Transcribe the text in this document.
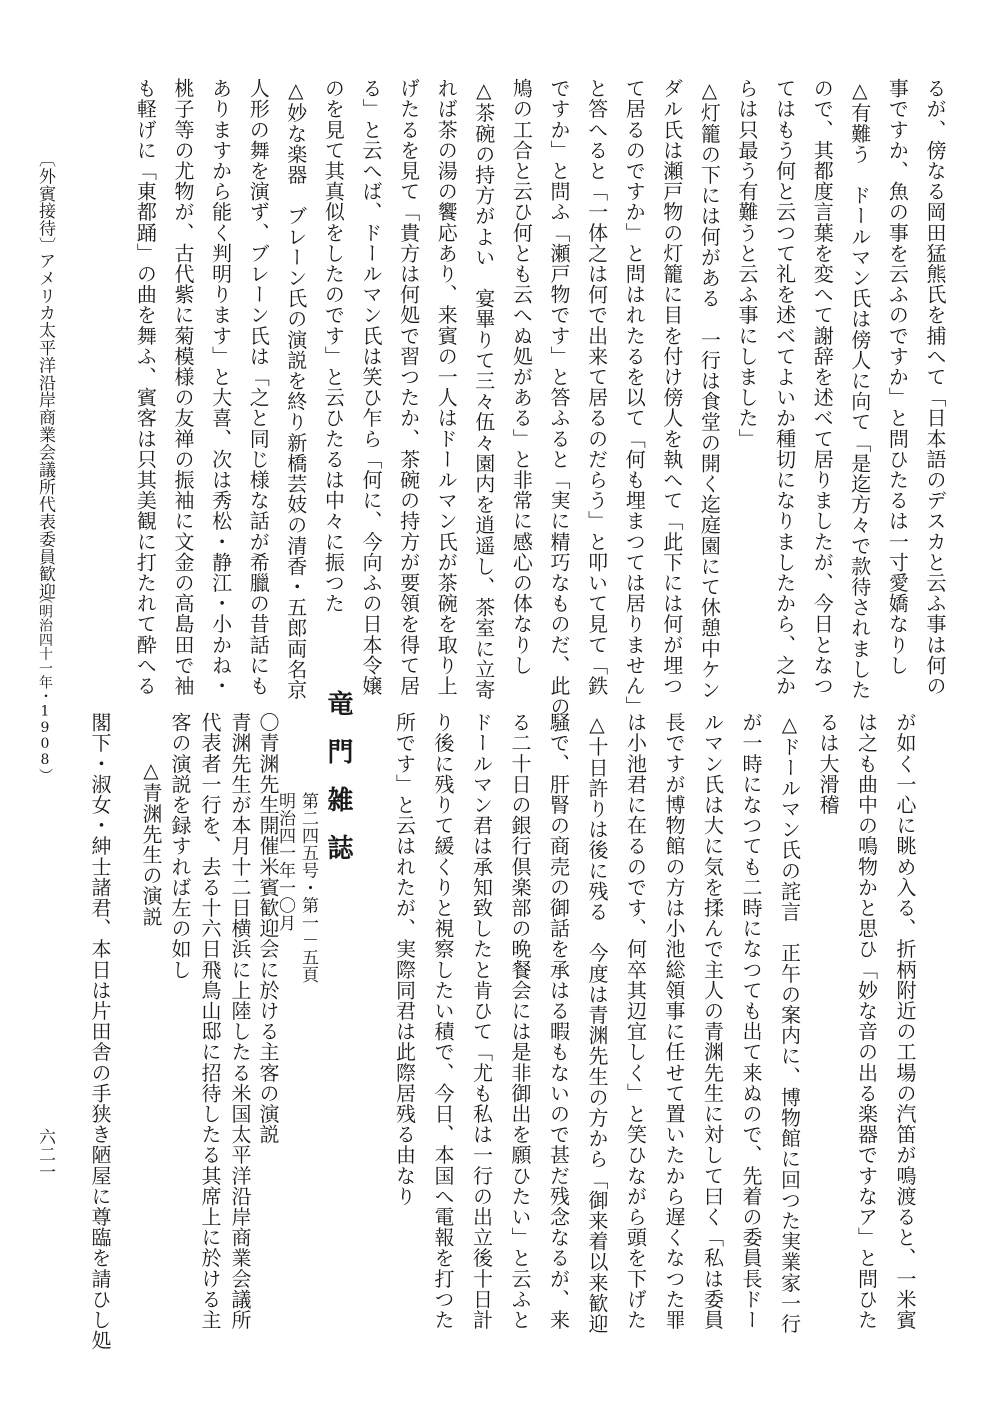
るが、傍なる岡田猛熊氏を捕へて「日本語のデスカと云ふ事は何の
事ですか、魚の事を云ふのですか」と問ひたるは一寸愛嬌なりし
△有難う　ドールマン氏は傍人に向て「是迄方々で款待されました
ので、其都度言葉を変へて謝辞を述べて居りましたが、今日となつ
てはもう何と云つて礼を述べてよいか種切になりましたから、之か
らは只最う有難うと云ふ事にしました」
△灯籠の下には何がある　一行は食堂の開く迄庭園にて休憩中ケン
ダル氏は瀬戸物の灯籠に目を付け傍人を執へて「此下には何が埋つ
て居るのですか」と問はれたるを以て「何も埋まつては居りません」
と答へると「一体之は何で出来て居るのだらう」と叩いて見て「鉄
ですか」と問ふ「瀬戸物です」と答ふると「実に精巧なものだ、此の
鳩の工合と云ひ何とも云へぬ処がある」と非常に感心の体なりし
△茶碗の持方がよい　宴畢りて三々伍々園内を逍遥し、茶室に立寄
れば茶の湯の饗応あり、来賓の一人はドールマン氏が茶碗を取り上
げたるを見て「貴方は何処で習つたか、茶碗の持方が要領を得て居
る」と云へば、ドールマン氏は笑ひ乍ら「何に、今向ふの日本令嬢
のを見て其真似をしたのです」と云ひたるは中々に振つた
△妙な楽器　ブレーン氏の演説を終り新橋芸妓の清香・五郎両名京
人形の舞を演ず、ブレーン氏は「之と同じ様な話が希臘の昔話にも
ありますから能く判明ります」と大喜、次は秀松・静江・小かね・
桃子等の尤物が、古代紫に菊模様の友禅の振袖に文金の高島田で袖
も軽げに「東都踊」の曲を舞ふ、賓客は只其美観に打たれて酔へる
が如く一心に眺め入る、折柄附近の工場の汽笛が鳴渡ると、一米賓
は之も曲中の鳴物かと思ひ「妙な音の出る楽器ですなア」と問ひた
るは大滑稽
△ドールマン氏の詫言　正午の案内に、博物館に回つた実業家一行
が一時になつても二時になつても出て来ぬので、先着の委員長ドー
ルマン氏は大に気を揉んで主人の青渊先生に対して曰く「私は委員
長ですが博物館の方は小池総領事に任せて置いたから遅くなつた罪
は小池君に在るのです、何卒其辺宜しく」と笑ひながら頭を下げた
△十日許りは後に残る　今度は青渊先生の方から「御来着以来歓迎
騒で、肝腎の商売の御話を承はる暇もないので甚だ残念なるが、来
る二十日の銀行倶楽部の晩餐会には是非御出を願ひたい」と云ふと
ドールマン君は承知致したと肯ひて「尤も私は一行の出立後十日計
り後に残りて緩くりと視察したい積で、今日、本国へ電報を打つた
所です」と云はれたが、実際同君は此際居残る由なり
竜門雑誌
第二四五号・第一－五頁
明治四一年一〇月
〇青渊先生開催米賓歓迎会に於ける主客の演説
青渊先生が本月十二日横浜に上陸したる米国太平洋沿岸商業会議所
代表者一行を、去る十六日飛鳥山邸に招待したる其席上に於ける主
客の演説を録すれば左の如し
△青渊先生の演説
閣下・淑女・紳士諸君、本日は片田舎の手狭き陋屋に尊臨を請ひし処
〔外賓接待〕
アメリカ太平洋沿岸商業会議所代表委員歓迎
（明治四十一年・1908）
六二一
